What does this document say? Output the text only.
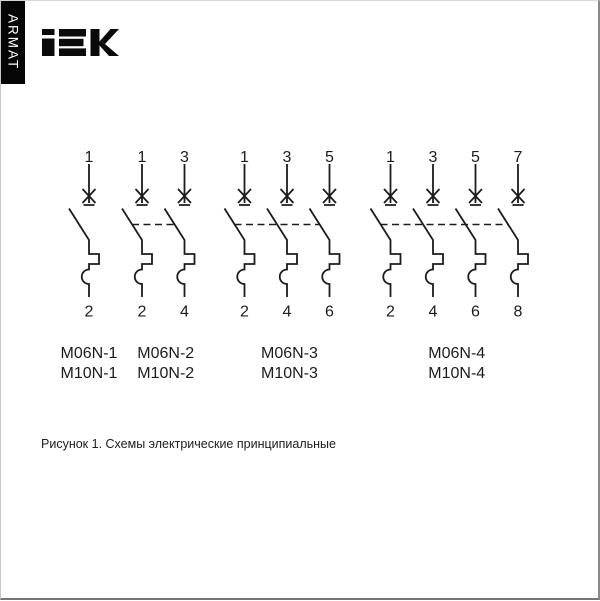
ARMAT
1
2
M06N-1
M10N-1
1
2
3
4
M06N-2
M10N-2
1
2
3
4
5
6
M06N-3
M10N-3
1
2
3
4
5
6
7
8
M06N-4
M10N-4
Рисунок 1. Схемы электрические принципиальные
